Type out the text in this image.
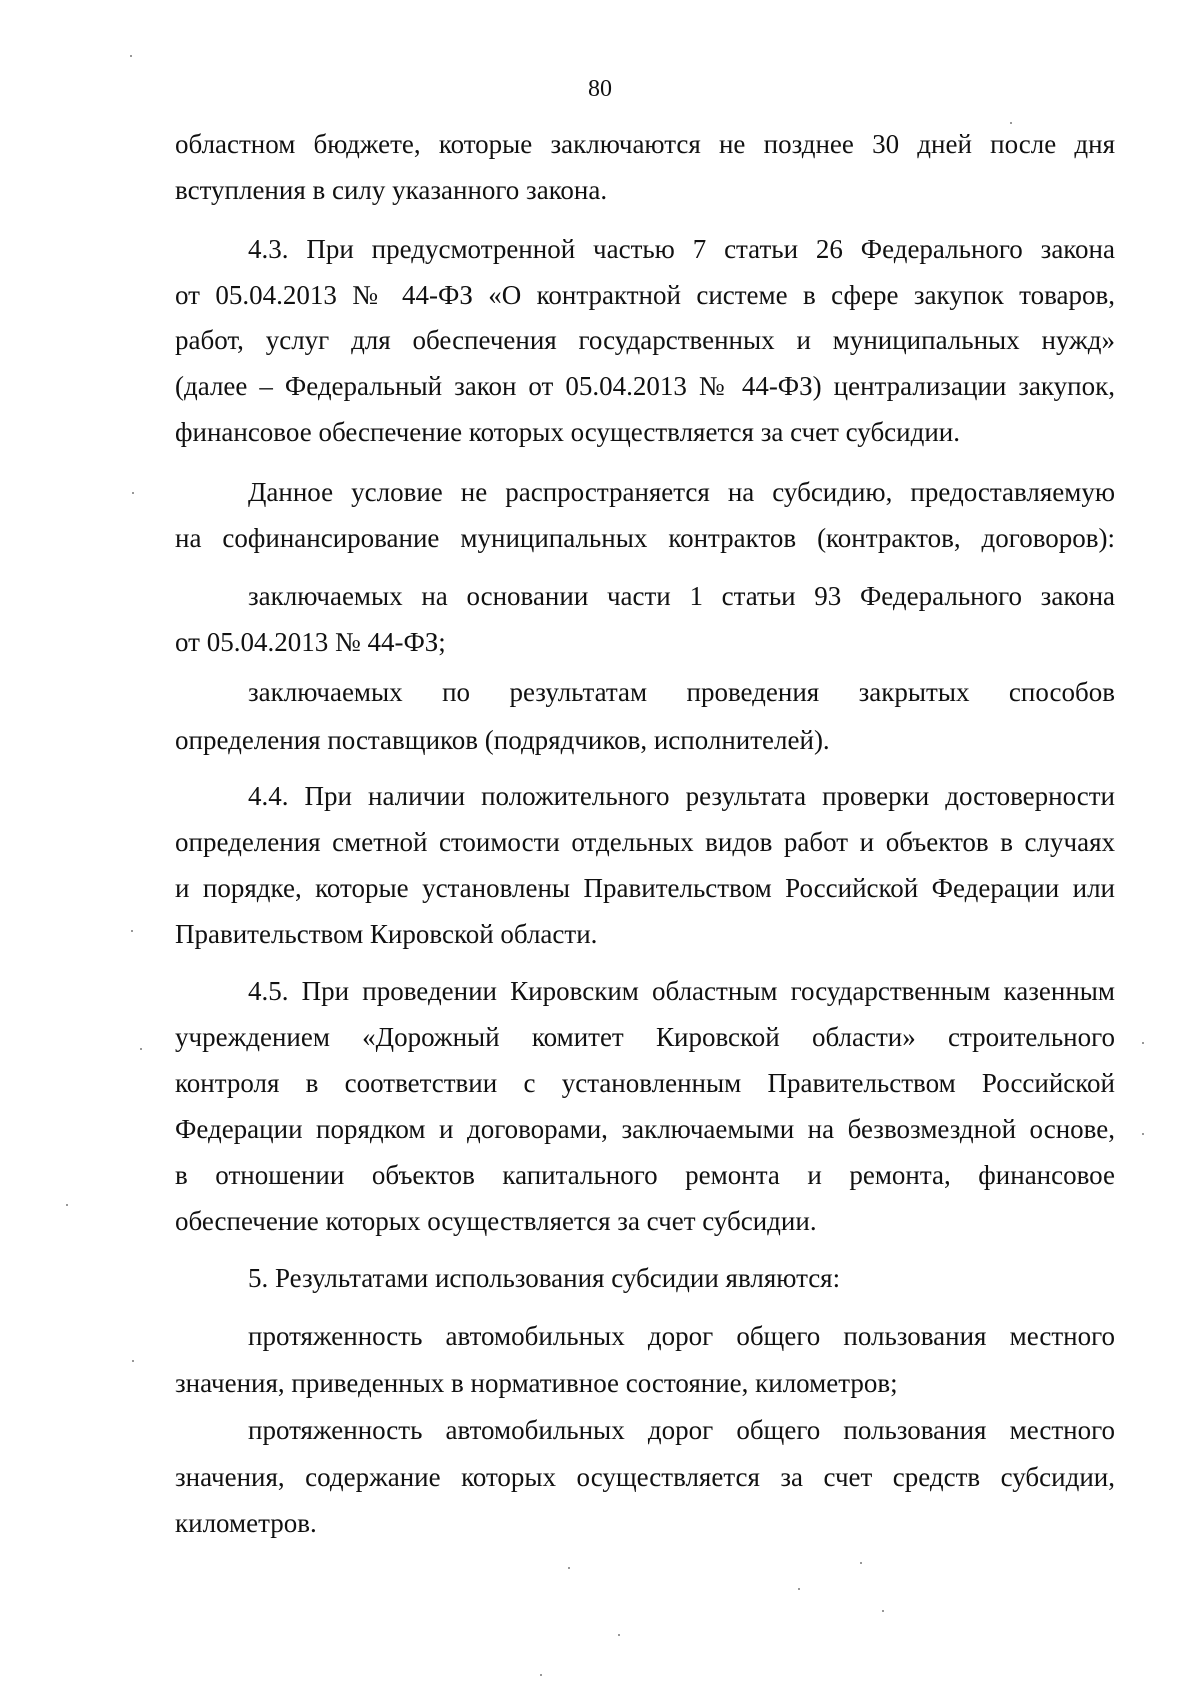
80
областном бюджете, которые заключаются не позднее 30 дней после дня
вступления в силу указанного закона.
4.3. При предусмотренной частью 7 статьи 26 Федерального закона
от 05.04.2013 № 44-ФЗ «О контрактной системе в сфере закупок товаров,
работ, услуг для обеспечения государственных и муниципальных нужд»
(далее – Федеральный закон от 05.04.2013 № 44-ФЗ) централизации закупок,
финансовое обеспечение которых осуществляется за счет субсидии.
Данное условие не распространяется на субсидию, предоставляемую
на софинансирование муниципальных контрактов (контрактов, договоров):
заключаемых на основании части 1 статьи 93 Федерального закона
от 05.04.2013 № 44-ФЗ;
заключаемых по результатам проведения закрытых способов
определения поставщиков (подрядчиков, исполнителей).
4.4. При наличии положительного результата проверки достоверности
определения сметной стоимости отдельных видов работ и объектов в случаях
и порядке, которые установлены Правительством Российской Федерации или
Правительством Кировской области.
4.5. При проведении Кировским областным государственным казенным
учреждением «Дорожный комитет Кировской области» строительного
контроля в соответствии с установленным Правительством Российской
Федерации порядком и договорами, заключаемыми на безвозмездной основе,
в отношении объектов капитального ремонта и ремонта, финансовое
обеспечение которых осуществляется за счет субсидии.
5. Результатами использования субсидии являются:
протяженность автомобильных дорог общего пользования местного
значения, приведенных в нормативное состояние, километров;
протяженность автомобильных дорог общего пользования местного
значения, содержание которых осуществляется за счет средств субсидии,
километров.
